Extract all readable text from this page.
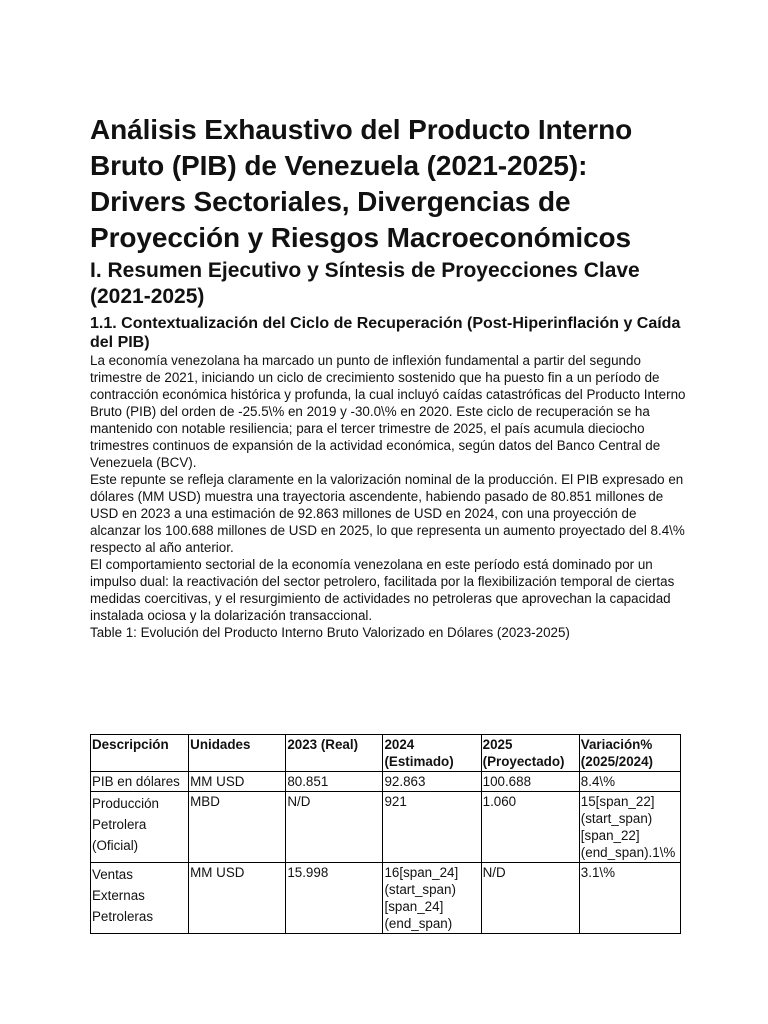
Análisis Exhaustivo del Producto Interno Bruto (PIB) de Venezuela (2021-2025): Drivers Sectoriales, Divergencias de Proyección y Riesgos Macroeconómicos
I. Resumen Ejecutivo y Síntesis de Proyecciones Clave (2021-2025)
1.1. Contextualización del Ciclo de Recuperación (Post-Hiperinflación y Caída del PIB)

La economía venezolana ha marcado un punto de inflexión fundamental a partir del segundo trimestre de 2021, iniciando un ciclo de crecimiento sostenido que ha puesto fin a un período de contracción económica histórica y profunda, la cual incluyó caídas catastróficas del Producto Interno Bruto (PIB) del orden de -25.5\% en 2019 y -30.0\% en 2020. Este ciclo de recuperación se ha mantenido con notable resiliencia; para el tercer trimestre de 2025, el país acumula dieciocho trimestres continuos de expansión de la actividad económica, según datos del Banco Central de Venezuela (BCV).

Este repunte se refleja claramente en la valorización nominal de la producción. El PIB expresado en dólares (MM USD) muestra una trayectoria ascendente, habiendo pasado de 80.851 millones de USD en 2023 a una estimación de 92.863 millones de USD en 2024, con una proyección de alcanzar los 100.688 millones de USD en 2025, lo que representa un aumento proyectado del 8.4\% respecto al año anterior.

El comportamiento sectorial de la economía venezolana en este período está dominado por un impulso dual: la reactivación del sector petrolero, facilitada por la flexibilización temporal de ciertas medidas coercitivas, y el resurgimiento de actividades no petroleras que aprovechan la capacidad instalada ociosa y la dolarización transaccional.

Table 1: Evolución del Producto Interno Bruto Valorizado en Dólares (2023-2025)

Descripción	Unidades	2023 (Real)	2024 (Estimado)	2025 (Proyectado)	Variación% (2025/2024)
PIB en dólares	MM USD	80.851	92.863	100.688	8.4\%
Producción Petrolera (Oficial)	MBD	N/D	921	1.060	15[span_22](start_span)[span_22](end_span).1\%
Ventas Externas Petroleras	MM USD	15.998	16[span_24](start_span)[span_24](end_span)	N/D	3.1\%
